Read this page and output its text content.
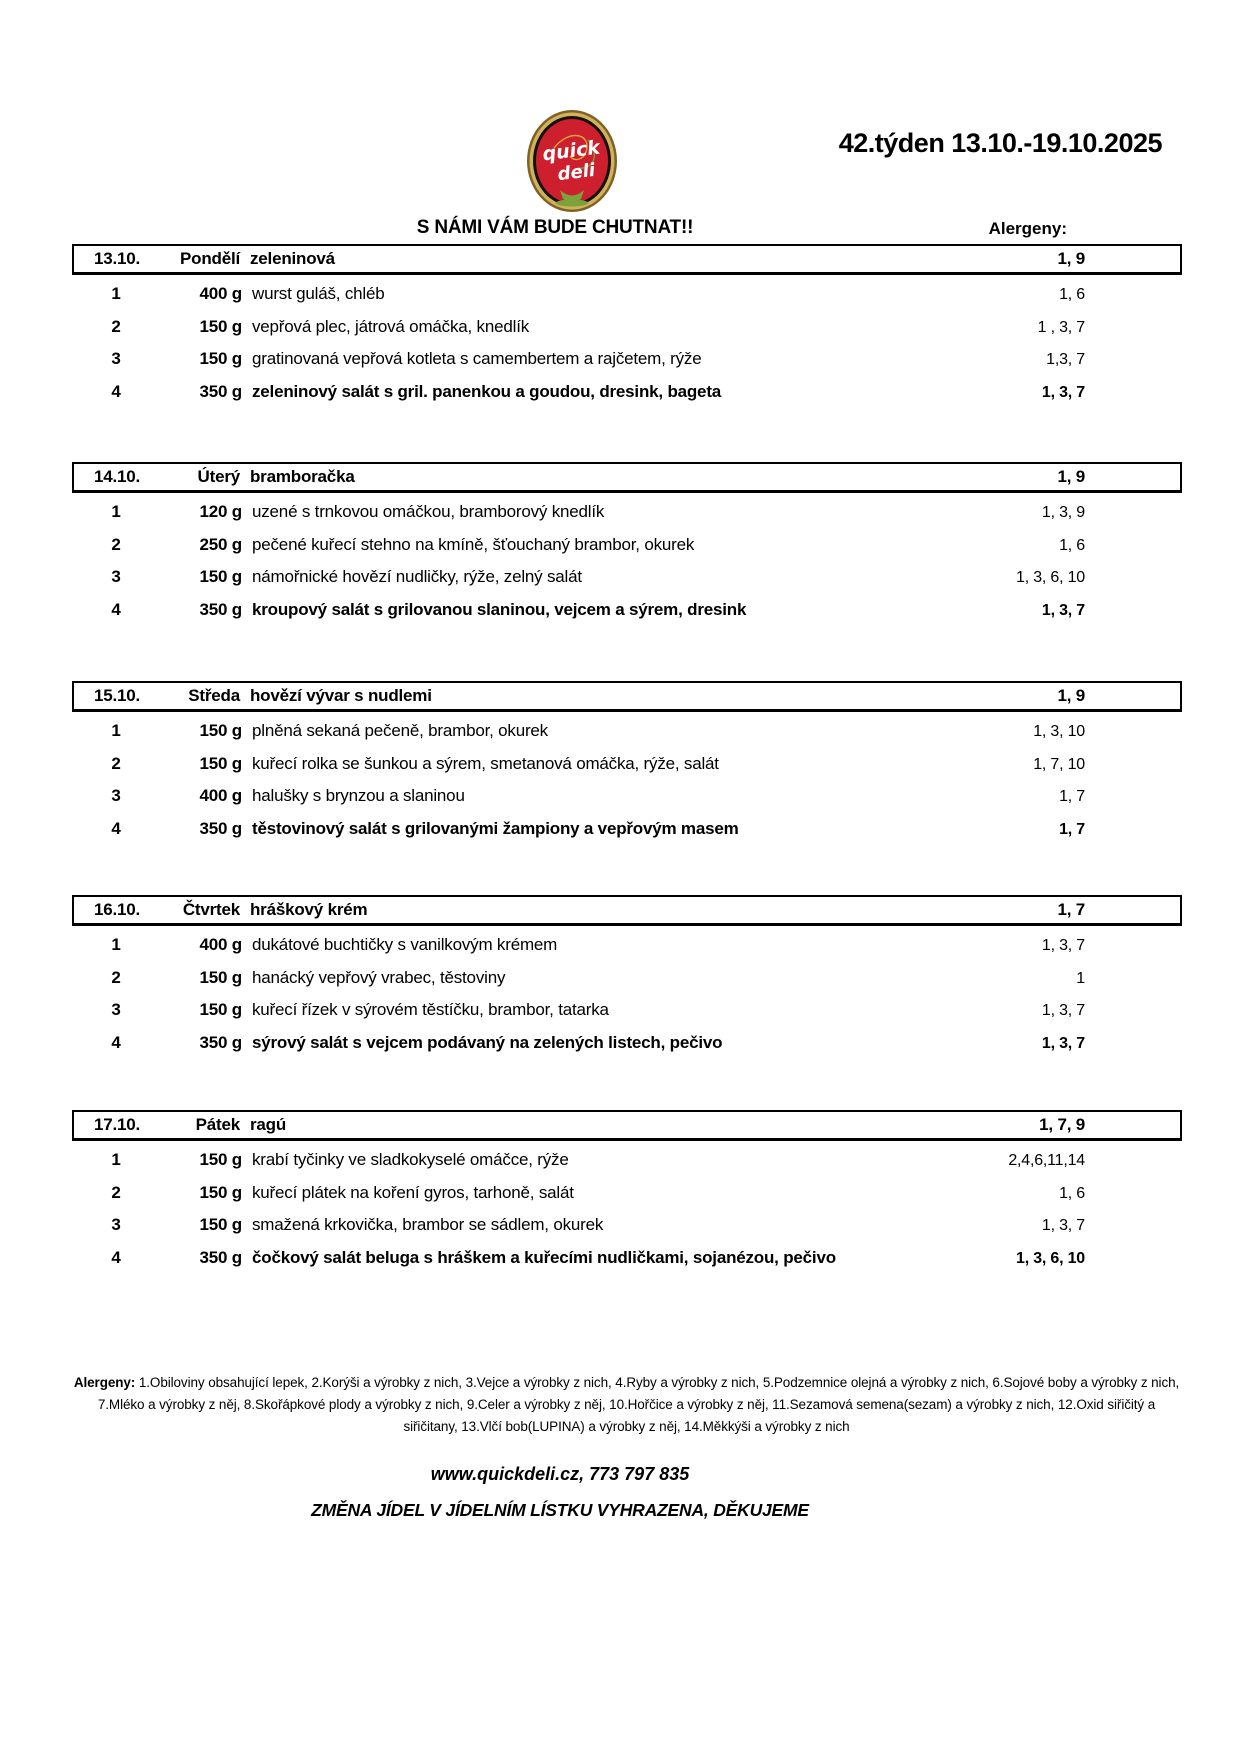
quick
deli
42.týden 13.10.-19.10.2025
S NÁMI VÁM BUDE CHUTNAT!!	Alergeny:
13.10.	Pondělí zeleninová	1, 9
1	400 g wurst guláš, chléb	1, 6
2	150 g vepřová plec, játrová omáčka, knedlík	1 , 3, 7
3	150 g gratinovaná vepřová kotleta s camembertem a rajčetem, rýže	1,3, 7
4	350 g zeleninový salát s gril. panenkou a goudou, dresink, bageta	1, 3, 7
14.10.	Úterý bramboračka	1, 9
1	120 g uzené s trnkovou omáčkou, bramborový knedlík	1, 3, 9
2	250 g pečené kuřecí stehno na kmíně, šťouchaný brambor, okurek	1, 6
3	150 g námořnické hovězí nudličky, rýže, zelný salát	1, 3, 6, 10
4	350 g kroupový salát s grilovanou slaninou, vejcem a sýrem, dresink	1, 3, 7
15.10.	Středa hovězí vývar s nudlemi	1, 9
1	150 g plněná sekaná pečeně, brambor, okurek	1, 3, 10
2	150 g kuřecí rolka se šunkou a sýrem, smetanová omáčka, rýže, salát	1, 7, 10
3	400 g halušky s brynzou a slaninou	1, 7
4	350 g těstovinový salát s grilovanými žampiony a vepřovým masem	1, 7
16.10.	Čtvrtek hráškový krém	1, 7
1	400 g dukátové buchtičky s vanilkovým krémem	1, 3, 7
2	150 g hanácký vepřový vrabec, těstoviny	1
3	150 g kuřecí řízek v sýrovém těstíčku, brambor, tatarka	1, 3, 7
4	350 g sýrový salát s vejcem podávaný na zelených listech, pečivo	1, 3, 7
17.10.	Pátek ragú	1, 7, 9
1	150 g krabí tyčinky ve sladkokyselé omáčce, rýže	2,4,6,11,14
2	150 g kuřecí plátek na koření gyros, tarhoně, salát	1, 6
3	150 g smažená krkovička, brambor se sádlem, okurek	1, 3, 7
4	350 g čočkový salát beluga s hráškem a kuřecími nudličkami, sojanézou, pečivo	1, 3, 6, 10
Alergeny: 1.Obiloviny obsahující lepek, 2.Korýši a výrobky z nich, 3.Vejce a výrobky z nich, 4.Ryby a výrobky z nich, 5.Podzemnice olejná a výrobky z nich, 6.Sojové boby a výrobky z nich, 7.Mléko a výrobky z něj, 8.Skořápkové plody a výrobky z nich, 9.Celer a výrobky z něj, 10.Hořčice a výrobky z něj, 11.Sezamová semena(sezam) a výrobky z nich, 12.Oxid siřičitý a siřičitany, 13.Vlčí bob(LUPINA) a výrobky z něj, 14.Měkkýši a výrobky z nich
www.quickdeli.cz, 773 797 835
ZMĚNA JÍDEL V JÍDELNÍM LÍSTKU VYHRAZENA, DĚKUJEME
